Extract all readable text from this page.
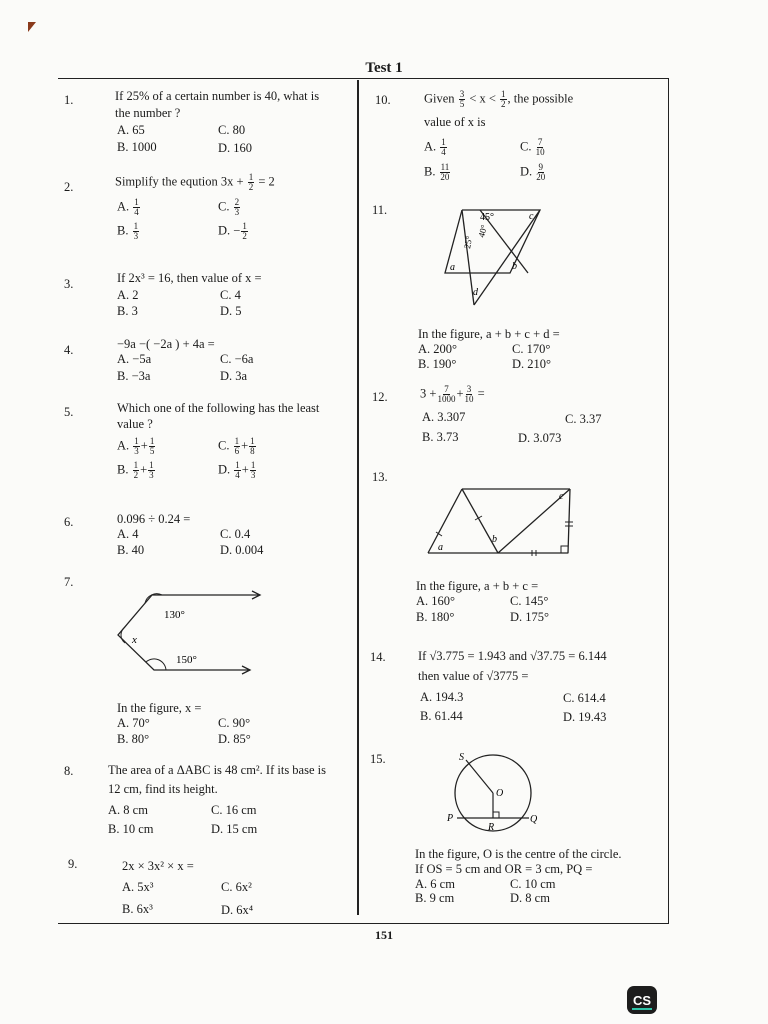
Test 1
1.	If 25% of a certain number is 40, what is
the number ?
A. 65	C. 80
B. 1000	D. 160
2.	Simplify the eqution $3x + \frac{1}{2} = 2$
A. $\frac{1}{4}$	C. $\frac{2}{3}$
B. $\frac{1}{3}$	D. − $\frac{1}{2}$
3.	If 2x³ = 16, then value of x =
A. 2	C. 4
B. 3	D. 5
4.	−9a −( −2a ) + 4a =
A. −5a	C. −6a
B. −3a	D. 3a
5.	Which one of the following has the least
value ?
A. $\frac{1}{3} + \frac{1}{5}$	C. $\frac{1}{6} + \frac{1}{8}$
B. $\frac{1}{2} + \frac{1}{3}$	D. $\frac{1}{4} + \frac{1}{3}$
6.	0.096 ÷ 0.24 =
A. 4	C. 0.4
B. 40	D. 0.004
7.
130°
150°
x
In the figure, x =
A. 70°	C. 90°
B. 80°	D. 85°
8.	The area of a ΔABC is 48 cm². If its base is
12 cm, find its height.
A. 8 cm	C. 16 cm
B. 10 cm	D. 15 cm
9.	2x × 3x² × x =
A. 5x³	C. 6x²
B. 6x³	D. 6x⁴
10.	Given $\frac{3}{5} < x < \frac{1}{2}$ , the possible
value of x is
A. $\frac{1}{4}$	C. $\frac{7}{10}$
B. $\frac{11}{20}$	D. $\frac{9}{20}$
11.
45°
40°
25°
a	b
c
d
In the figure, a + b + c + d =
A. 200°	C. 170°
B. 190°	D. 210°
12.	$3 + \frac{7}{1000} + \frac{3}{10}$ =
A. 3.307	C. 3.37
B. 3.73	D. 3.073
13.
a
b
c
In the figure, a + b + c =
A. 160°	C. 145°
B. 180°	D. 175°
14.	If √3.775 = 1.943 and √37.75 = 6.144
then value of √3775 =
A. 194.3	C. 614.4
B. 61.44	D. 19.43
15.	S
O
P
R
Q
In the figure, O is the centre of the circle.
If OS = 5 cm and OR = 3 cm, PQ =
A. 6 cm	C. 10 cm
B. 9 cm	D. 8 cm
151
CS
